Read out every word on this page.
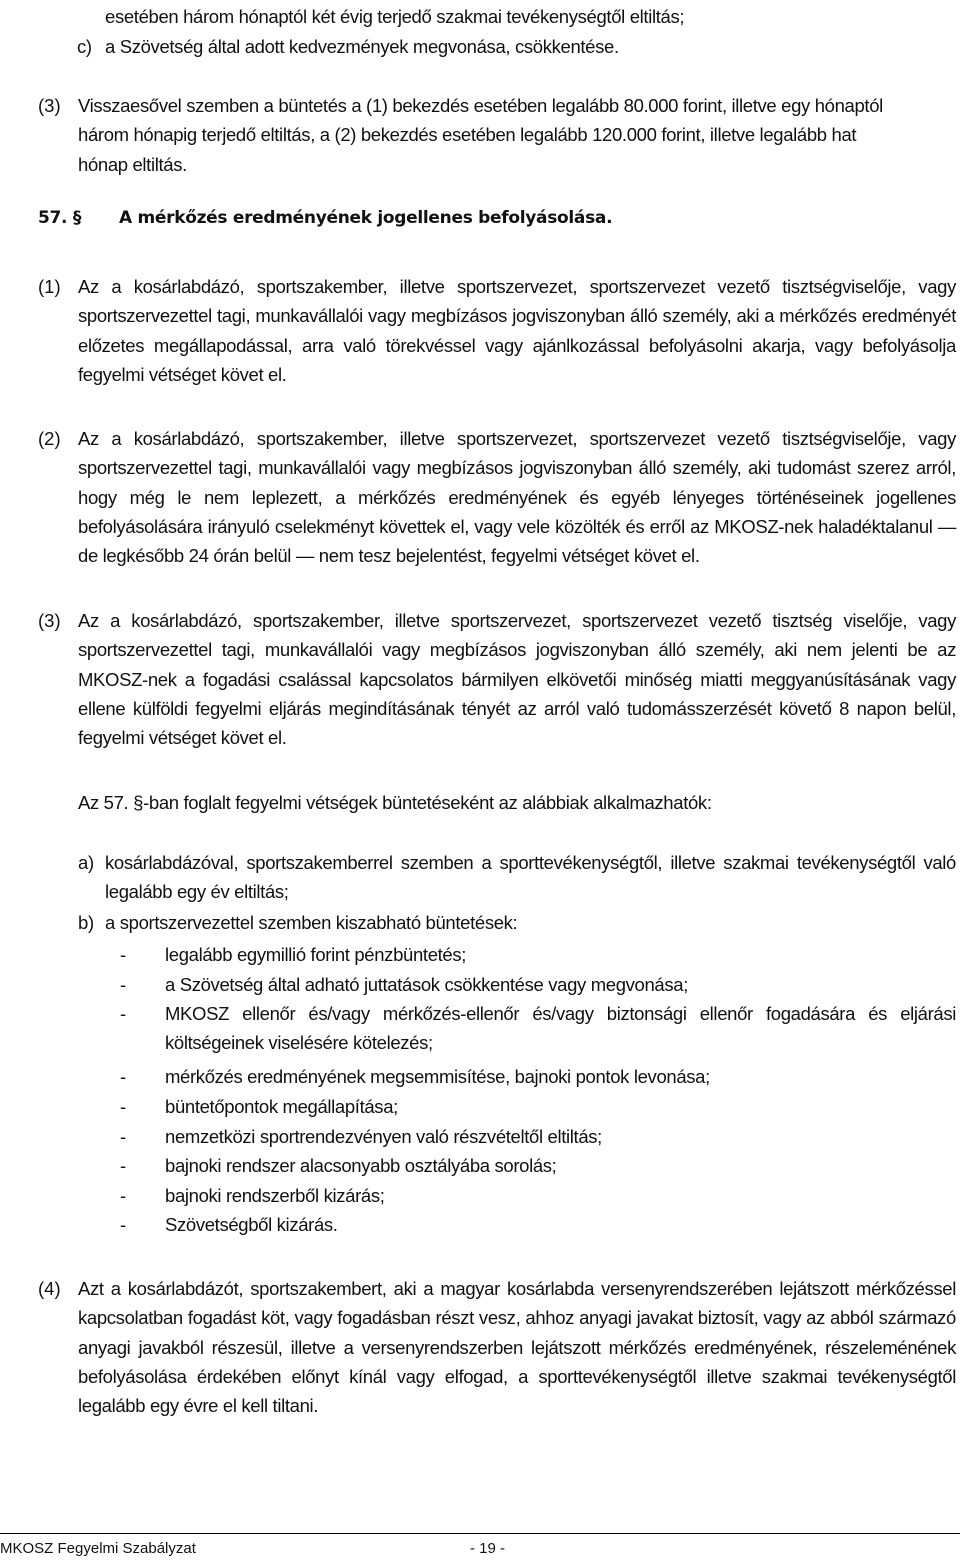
esetében három hónaptól két évig terjedő szakmai tevékenységtől eltiltás;
c) a Szövetség által adott kedvezmények megvonása, csökkentése.
(3) Visszaesővel szemben a büntetés a (1) bekezdés esetében legalább 80.000 forint, illetve egy hónaptól
három hónapig terjedő eltiltás, a (2) bekezdés esetében legalább 120.000 forint, illetve legalább hat
hónap eltiltás.
57. § A mérkőzés eredményének jogellenes befolyásolása.
(1) Az a kosárlabdázó, sportszakember, illetve sportszervezet, sportszervezet vezető tisztségviselője, vagy sportszervezettel tagi, munkavállalói vagy megbízásos jogviszonyban álló személy, aki a mérkőzés eredményét előzetes megállapodással, arra való törekvéssel vagy ajánlkozással befolyásolni akarja, vagy befolyásolja fegyelmi vétséget követ el.
(2) Az a kosárlabdázó, sportszakember, illetve sportszervezet, sportszervezet vezető tisztségviselője, vagy sportszervezettel tagi, munkavállalói vagy megbízásos jogviszonyban álló személy, aki tudomást szerez arról, hogy még le nem leplezett, a mérkőzés eredményének és egyéb lényeges történéseinek jogellenes befolyásolására irányuló cselekményt követtek el, vagy vele közölték és erről az MKOSZ-nek haladéktalanul — de legkésőbb 24 órán belül — nem tesz bejelentést, fegyelmi vétséget követ el.
(3) Az a kosárlabdázó, sportszakember, illetve sportszervezet, sportszervezet vezető tisztség viselője, vagy sportszervezettel tagi, munkavállalói vagy megbízásos jogviszonyban álló személy, aki nem jelenti be az MKOSZ-nek a fogadási csalással kapcsolatos bármilyen elkövetői minőség miatti meggyanúsításának vagy ellene külföldi fegyelmi eljárás megindításának tényét az arról való tudomásszerzését követő 8 napon belül, fegyelmi vétséget követ el.
Az 57. §-ban foglalt fegyelmi vétségek büntetéseként az alábbiak alkalmazhatók:
a) kosárlabdázóval, sportszakemberrel szemben a sporttevékenységtől, illetve szakmai tevékenységtől való legalább egy év eltiltás;
b) a sportszervezettel szemben kiszabható büntetések:
- legalább egymillió forint pénzbüntetés;
- a Szövetség által adható juttatások csökkentése vagy megvonása;
- MKOSZ ellenőr és/vagy mérkőzés-ellenőr és/vagy biztonsági ellenőr fogadására és eljárási költségeinek viselésére kötelezés;
- mérkőzés eredményének megsemmisítése, bajnoki pontok levonása;
- büntetőpontok megállapítása;
- nemzetközi sportrendezvényen való részvételtől eltiltás;
- bajnoki rendszer alacsonyabb osztályába sorolás;
- bajnoki rendszerből kizárás;
- Szövetségből kizárás.
(4) Azt a kosárlabdázót, sportszakembert, aki a magyar kosárlabda versenyrendszerében lejátszott mérkőzéssel kapcsolatban fogadást köt, vagy fogadásban részt vesz, ahhoz anyagi javakat biztosít, vagy az abból származó anyagi javakból részesül, illetve a versenyrendszerben lejátszott mérkőzés eredményének, részeleménének befolyásolása érdekében előnyt kínál vagy elfogad, a sporttevékenységtől illetve szakmai tevékenységtől legalább egy évre el kell tiltani.
MKOSZ Fegyelmi Szabályzat	- 19 -
